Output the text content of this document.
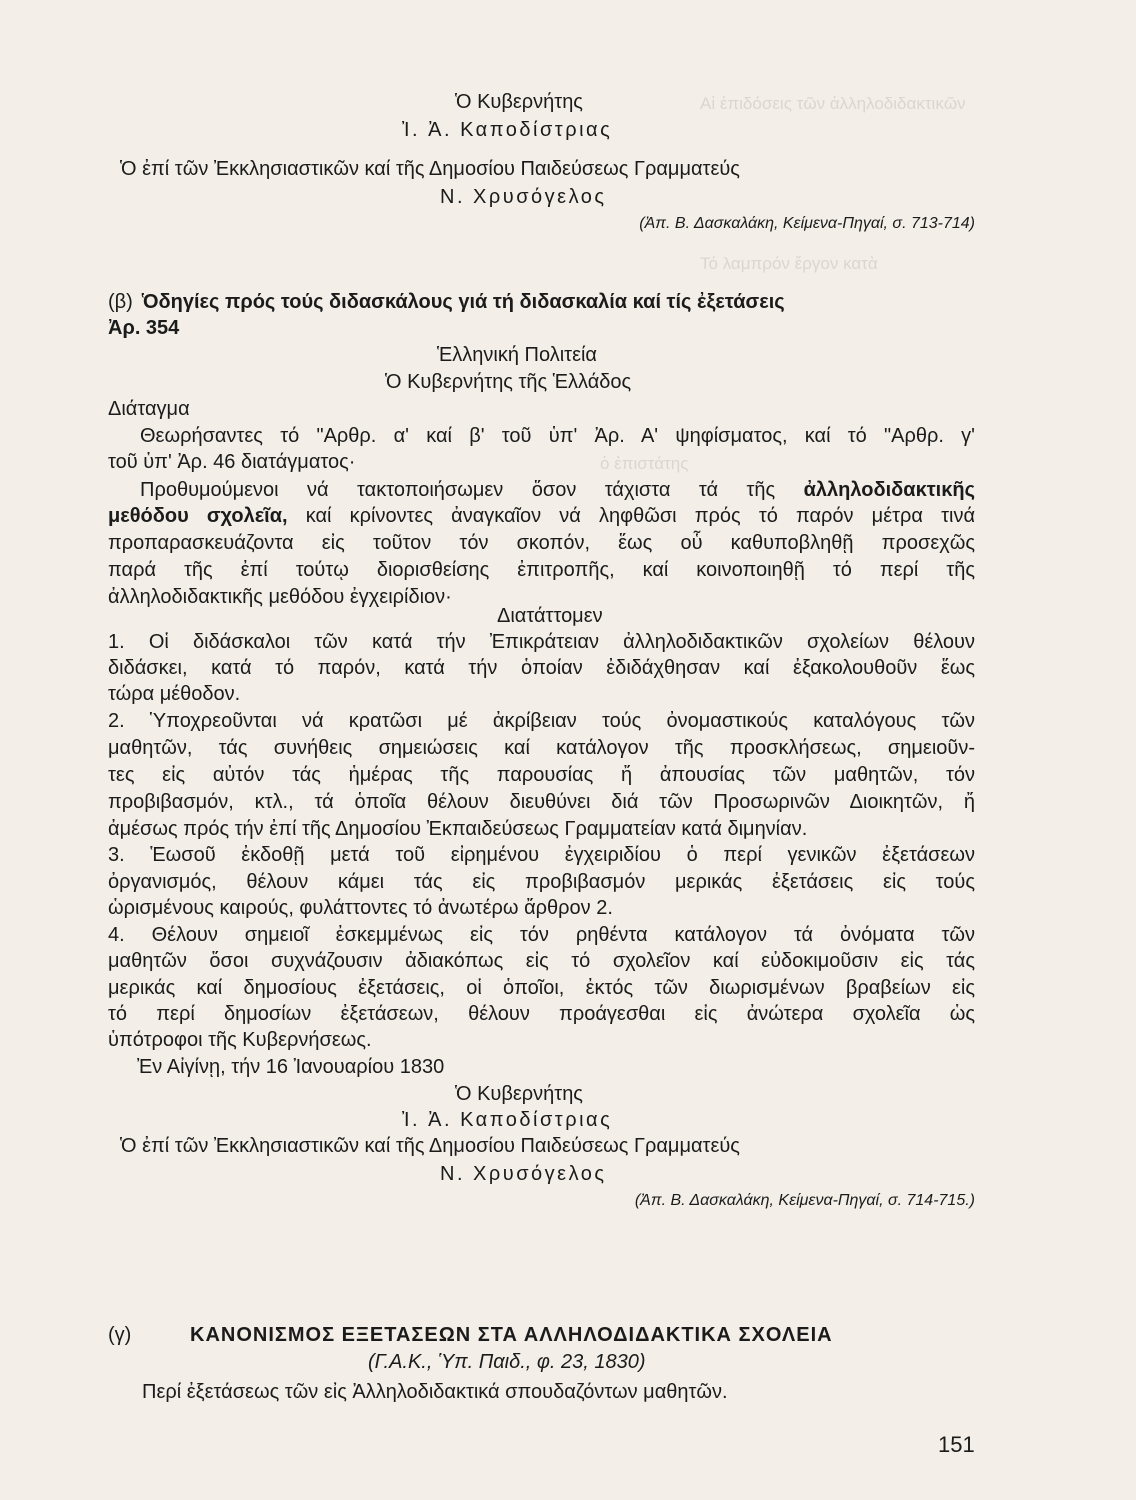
Αἱ ἐπιδόσεις τῶν ἀλληλοδιδακτικῶν
Τό λαμπρόν ἔργον κατὰ
ὁ ἐπιστάτης
Ὁ Κυβερνήτης
Ἰ. Ἀ. Καποδίστριας
Ὁ ἐπί τῶν Ἐκκλησιαστικῶν καί τῆς Δημοσίου Παιδεύσεως Γραμματεύς
Ν. Χρυσόγελος
(Ἀπ. Β. Δασκαλάκη, Κείμενα-Πηγαί, σ. 713-714)
(β) Ὁδηγίες πρός τούς διδασκάλους γιά τή διδασκαλία καί τίς ἐξετάσεις
Ἀρ. 354
Ἑλληνική Πολιτεία
Ὁ Κυβερνήτης τῆς Ἑλλάδος
Διάταγμα
Θεωρήσαντες τό "Αρθρ. α' καί β' τοῦ ὑπ' Ἀρ. Α' ψηφίσματος, καί τό "Αρθρ. γ'
τοῦ ὑπ' Ἀρ. 46 διατάγματος·
Προθυμούμενοι νά τακτοποιήσωμεν ὅσον τάχιστα τά τῆς ἀλληλοδιδακτικῆς
μεθόδου σχολεῖα, καί κρίνοντες ἀναγκαῖον νά ληφθῶσι πρός τό παρόν μέτρα τινά
προπαρασκευάζοντα εἰς τοῦτον τόν σκοπόν, ἕως οὗ καθυποβληθῇ προσεχῶς
παρά τῆς ἐπί τούτῳ διορισθείσης ἐπιτροπῆς, καί κοινοποιηθῇ τό περί τῆς
ἀλληλοδιδακτικῆς μεθόδου ἐγχειρίδιον·
Διατάττομεν
1. Οἱ διδάσκαλοι τῶν κατά τήν Ἐπικράτειαν ἀλληλοδιδακτικῶν σχολείων θέλουν
διδάσκει, κατά τό παρόν, κατά τήν ὁποίαν ἐδιδάχθησαν καί ἐξακολουθοῦν ἕως
τώρα μέθοδον.
2. Ὑποχρεοῦνται νά κρατῶσι μέ ἀκρίβειαν τούς ὀνομαστικούς καταλόγους τῶν
μαθητῶν, τάς συνήθεις σημειώσεις καί κατάλογον τῆς προσκλήσεως, σημειοῦν-
τες εἰς αὐτόν τάς ἡμέρας τῆς παρουσίας ἤ ἀπουσίας τῶν μαθητῶν, τόν
προβιβασμόν, κτλ., τά ὁποῖα θέλουν διευθύνει διά τῶν Προσωρινῶν Διοικητῶν, ἤ
ἀμέσως πρός τήν ἐπί τῆς Δημοσίου Ἐκπαιδεύσεως Γραμματείαν κατά διμηνίαν.
3. Ἑωσοῦ ἐκδοθῇ μετά τοῦ εἰρημένου ἐγχειριδίου ὁ περί γενικῶν ἐξετάσεων
ὀργανισμός, θέλουν κάμει τάς εἰς προβιβασμόν μερικάς ἐξετάσεις εἰς τούς
ὡρισμένους καιρούς, φυλάττοντες τό ἀνωτέρω ἄρθρον 2.
4. Θέλουν σημειοῖ ἐσκεμμένως εἰς τόν ρηθέντα κατάλογον τά ὀνόματα τῶν
μαθητῶν ὅσοι συχνάζουσιν ἀδιακόπως εἰς τό σχολεῖον καί εὐδοκιμοῦσιν εἰς τάς
μερικάς καί δημοσίους ἐξετάσεις, οἱ ὁποῖοι, ἐκτός τῶν διωρισμένων βραβείων εἰς
τό περί δημοσίων ἐξετάσεων, θέλουν προάγεσθαι εἰς ἀνώτερα σχολεῖα ὡς
ὑπότροφοι τῆς Κυβερνήσεως.
Ἐν Αἰγίνῃ, τήν 16 Ἰανουαρίου 1830
Ὁ Κυβερνήτης
Ἰ. Ἀ. Καποδίστριας
Ὁ ἐπί τῶν Ἐκκλησιαστικῶν καί τῆς Δημοσίου Παιδεύσεως Γραμματεύς
Ν. Χρυσόγελος
(Ἀπ. Β. Δασκαλάκη, Κείμενα-Πηγαί, σ. 714-715.)
(γ)	ΚΑΝΟΝΙΣΜΟΣ ΕΞΕΤΑΣΕΩΝ ΣΤΑ ΑΛΛΗΛΟΔΙΔΑΚΤΙΚΑ ΣΧΟΛΕΙΑ
(Γ.Α.Κ., Ὑπ. Παιδ., φ. 23, 1830)
Περί ἐξετάσεως τῶν εἰς Ἀλληλοδιδακτικά σπουδαζόντων μαθητῶν.
151
